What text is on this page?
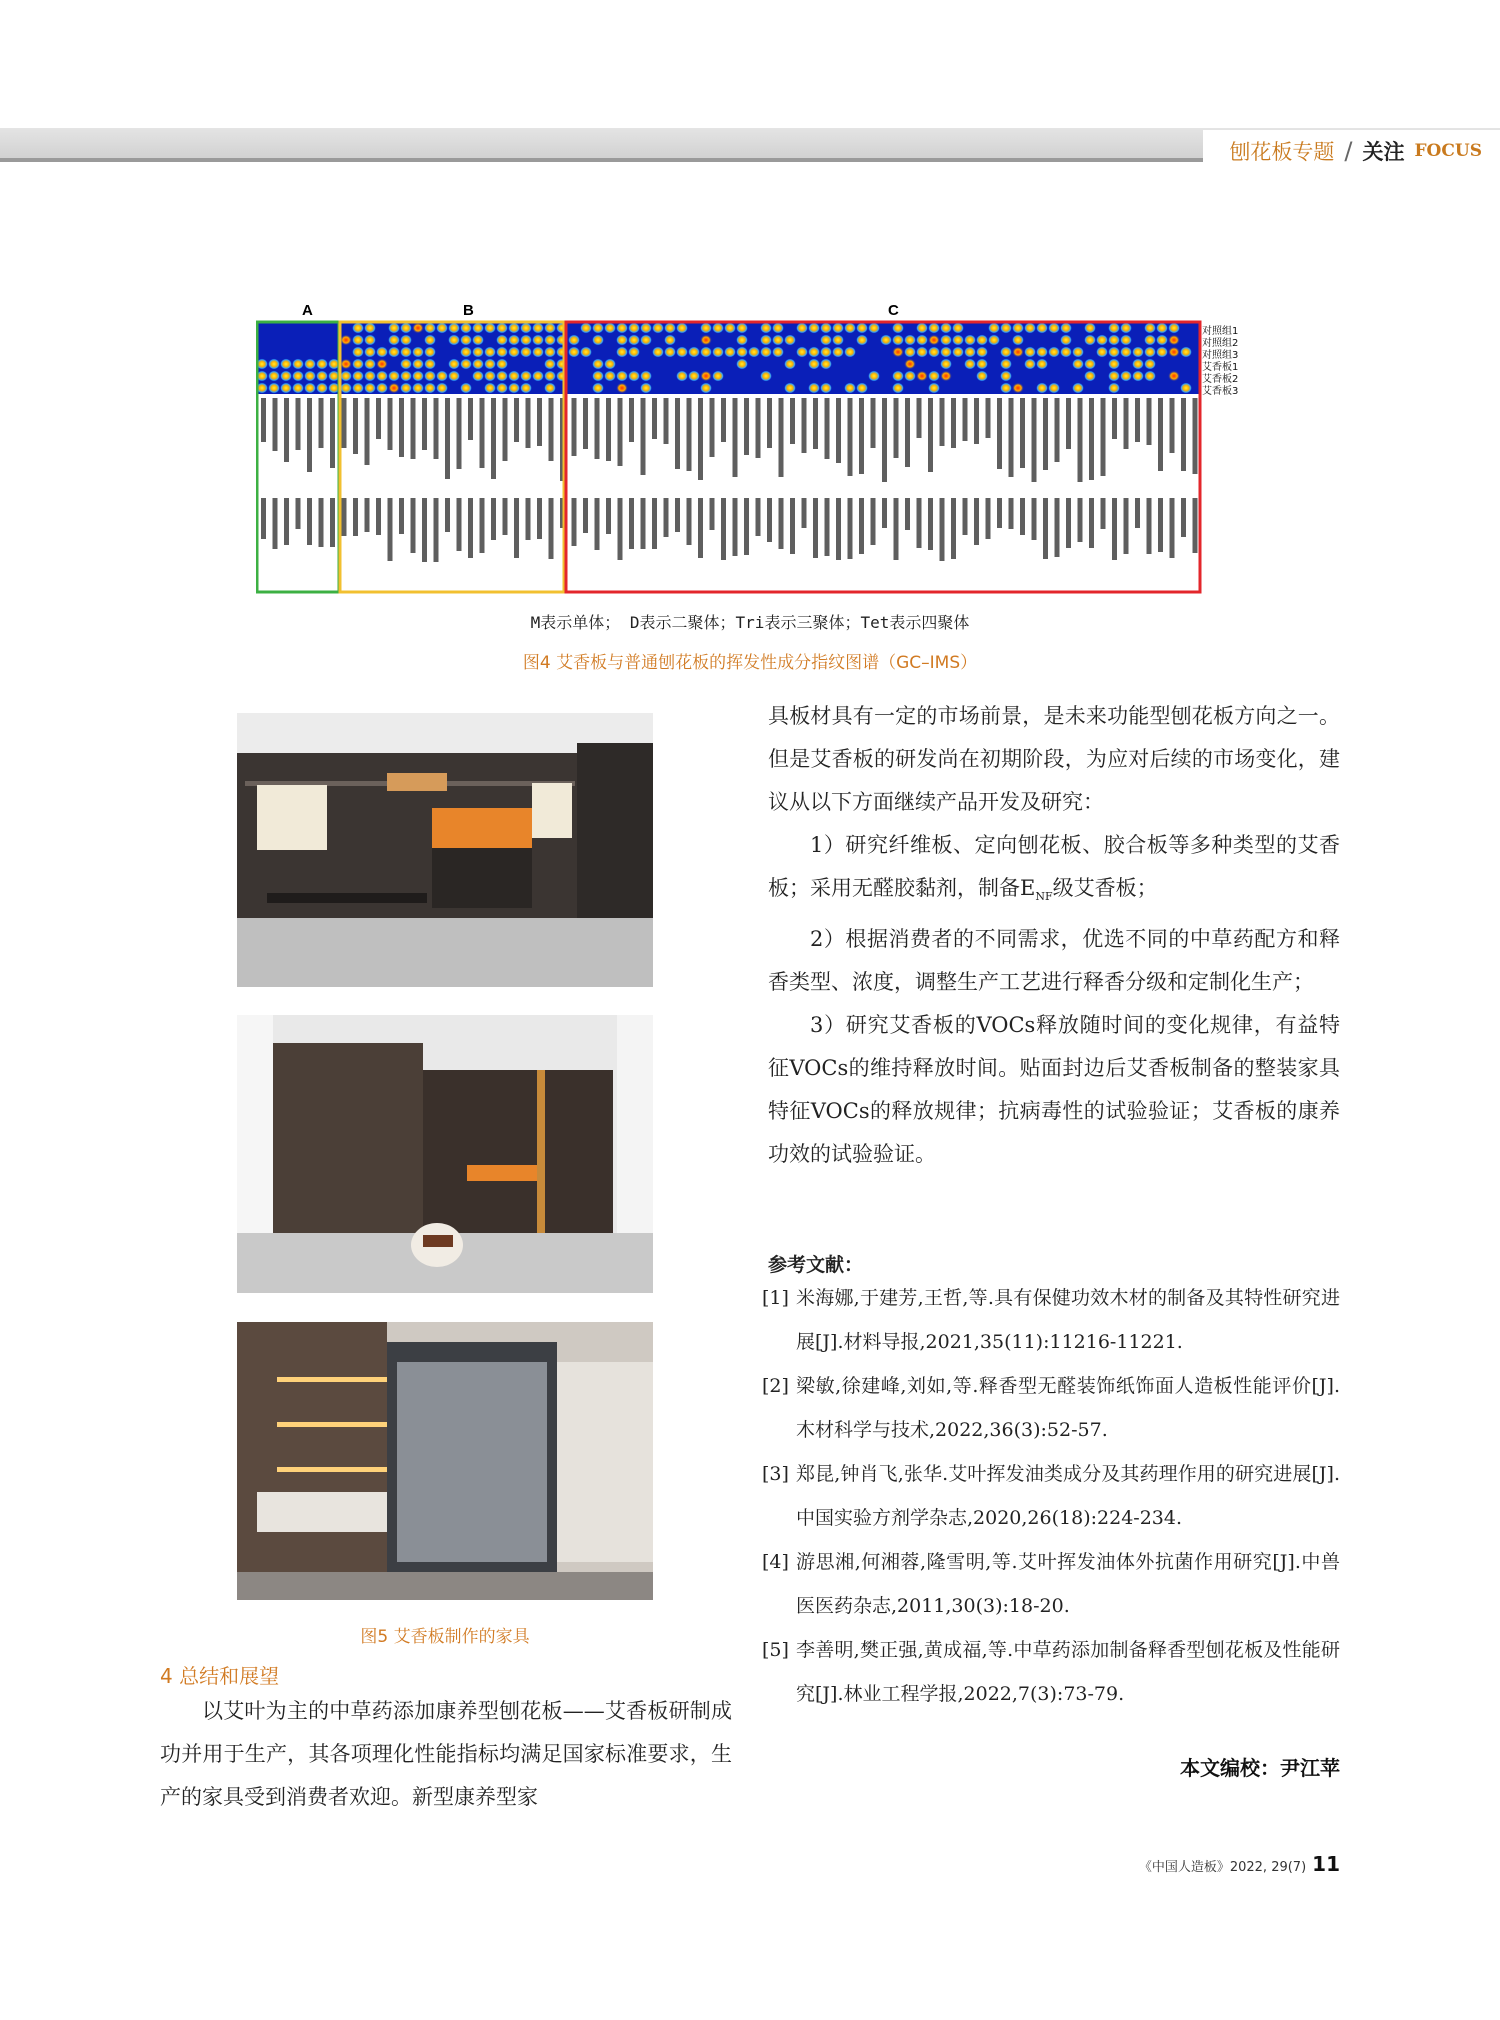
刨花板专题 / 关注 FOCUS
A	B	C
对照组1
对照组2
对照组3
艾香板1
艾香板2
艾香板3
M表示单体； D表示二聚体；Tri表示三聚体；Tet表示四聚体
图4 艾香板与普通刨花板的挥发性成分指纹图谱（GC–IMS）
图5 艾香板制作的家具
4 总结和展望

以艾叶为主的中草药添加康养型刨花板——艾香板研制成功并用于生产，其各项理化性能指标均满足国家标准要求，生产的家具受到消费者欢迎。新型康养型家

具板材具有一定的市场前景，是未来功能型刨花板方向之一。但是艾香板的研发尚在初期阶段，为应对后续的市场变化，建议从以下方面继续产品开发及研究：

1）研究纤维板、定向刨花板、胶合板等多种类型的艾香板；采用无醛胶黏剂，制备$E_{NF}$级艾香板；

2）根据消费者的不同需求，优选不同的中草药配方和释香类型、浓度，调整生产工艺进行释香分级和定制化生产；

3）研究艾香板的VOCs释放随时间的变化规律，有益特征VOCs的维持释放时间。贴面封边后艾香板制备的整装家具特征VOCs的释放规律；抗病毒性的试验验证；艾香板的康养功效的试验验证。

参考文献：
[1] 米海娜,于建芳,王哲,等.具有保健功效木材的制备及其特性研究进展[J].材料导报,2021,35(11):11216-11221.
[2] 梁敏,徐建峰,刘如,等.释香型无醛装饰纸饰面人造板性能评价[J].木材科学与技术,2022,36(3):52-57.
[3] 郑昆,钟肖飞,张华.艾叶挥发油类成分及其药理作用的研究进展[J].中国实验方剂学杂志,2020,26(18):224-234.
[4] 游思湘,何湘蓉,隆雪明,等.艾叶挥发油体外抗菌作用研究[J].中兽医医药杂志,2011,30(3):18-20.
[5] 李善明,樊正强,黄成福,等.中草药添加制备释香型刨花板及性能研究[J].林业工程学报,2022,7(3):73-79.
本文编校：尹江苹
《中国人造板》2022, 29(7) 11
